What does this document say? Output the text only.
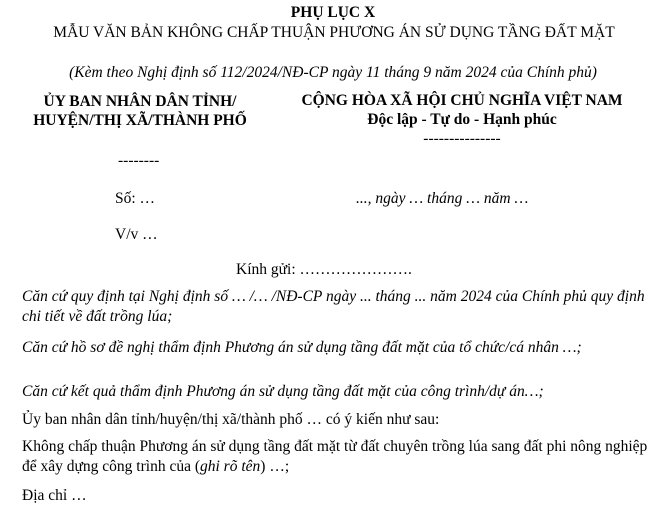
PHỤ LỤC X
MẪU VĂN BẢN KHÔNG CHẤP THUẬN PHƯƠNG ÁN SỬ DỤNG TẦNG ĐẤT MẶT
(Kèm theo Nghị định số 112/2024/NĐ-CP ngày 11 tháng 9 năm 2024 của Chính phủ)
ỦY BAN NHÂN DÂN TỈNH/ HUYỆN/THỊ XÃ/THÀNH PHỐ
--------
CỘNG HÒA XÃ HỘI CHỦ NGHĨA VIỆT NAM
Độc lập - Tự do - Hạnh phúc
---------------
Số: …	..., ngày … tháng … năm …
V/v …
Kính gửi: ………………….
Căn cứ quy định tại Nghị định số … /… /NĐ-CP ngày ... tháng ... năm 2024 của Chính phủ quy định chi tiết về đất trồng lúa;
Căn cứ hồ sơ đề nghị thẩm định Phương án sử dụng tầng đất mặt của tổ chức/cá nhân …;
Căn cứ kết quả thẩm định Phương án sử dụng tầng đất mặt của công trình/dự án…;
Ủy ban nhân dân tỉnh/huyện/thị xã/thành phố … có ý kiến như sau:
Không chấp thuận Phương án sử dụng tầng đất mặt từ đất chuyên trồng lúa sang đất phi nông nghiệp để xây dựng công trình của (ghi rõ tên) …;
Địa chỉ …
